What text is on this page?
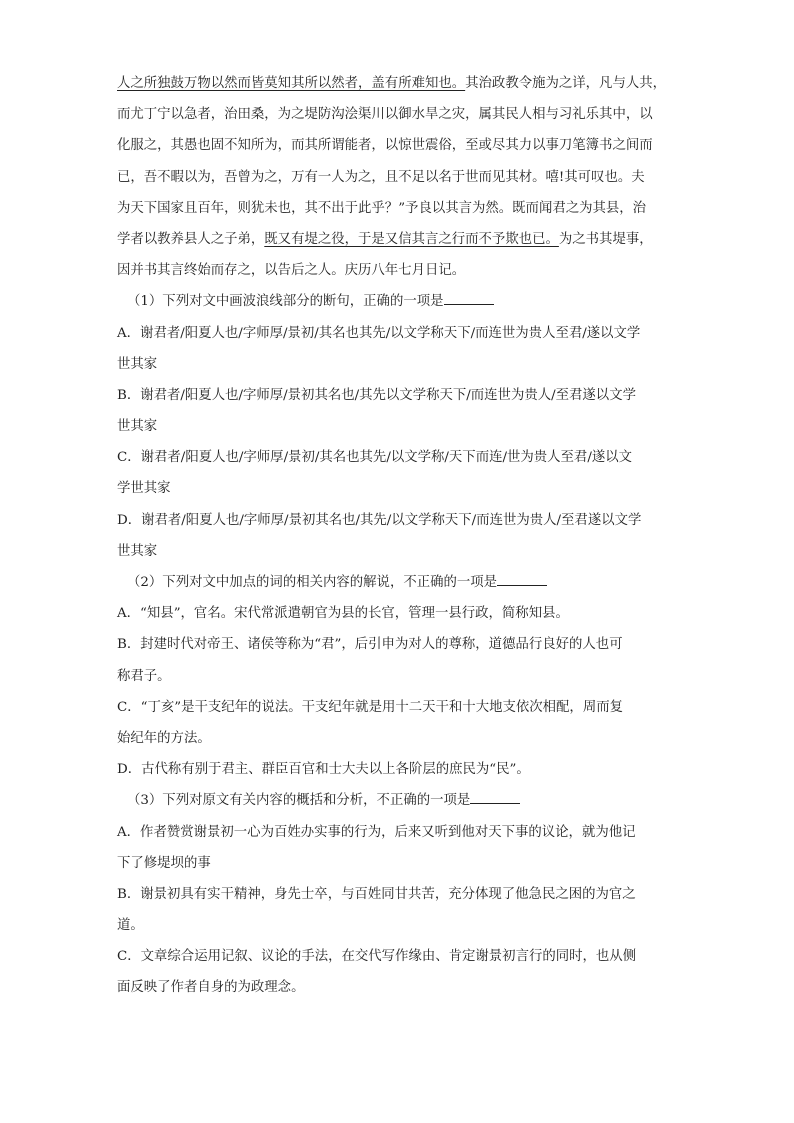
人之所独鼓万物以然而皆莫知其所以然者，盖有所难知也。其治政教令施为之详，凡与人共，
而尤丁宁以急者，治田桑，为之堤防沟浍渠川以御水旱之灾，属其民人相与习礼乐其中，以
化服之，其愚也固不知所为，而其所谓能者，以惊世震俗，至或尽其力以事刀笔簿书之间而
已，吾不暇以为，吾曾为之，万有一人为之，且不足以名于世而见其材。嘻!其可叹也。夫
为天下国家且百年，则犹未也，其不出于此乎？”予良以其言为然。既而闻君之为其县，治
学者以教养县人之子弟，既又有堤之役，于是又信其言之行而不予欺也已。为之书其堤事，
因并书其言终始而存之，以告后之人。庆历八年七月日记。
（1）下列对文中画波浪线部分的断句，正确的一项是
A．谢君者/阳夏人也/字师厚/景初/其名也其先/以文学称天下/而连世为贵人至君/遂以文学
世其家
B．谢君者/阳夏人也/字师厚/景初其名也/其先以文学称天下/而连世为贵人/至君遂以文学
世其家
C．谢君者/阳夏人也/字师厚/景初/其名也其先/以文学称/天下而连/世为贵人至君/遂以文
学世其家
D．谢君者/阳夏人也/字师厚/景初其名也/其先/以文学称天下/而连世为贵人/至君遂以文学
世其家
（2）下列对文中加点的词的相关内容的解说，不正确的一项是
A．“知县”，官名。宋代常派遣朝官为县的长官，管理一县行政，简称知县。
B．封建时代对帝王、诸侯等称为“君”，后引申为对人的尊称，道德品行良好的人也可
称君子。
C．“丁亥”是干支纪年的说法。干支纪年就是用十二天干和十大地支依次相配，周而复
始纪年的方法。
D．古代称有别于君主、群臣百官和士大夫以上各阶层的庶民为“民”。
（3）下列对原文有关内容的概括和分析，不正确的一项是
A．作者赞赏谢景初一心为百姓办实事的行为，后来又听到他对天下事的议论，就为他记
下了修堤坝的事
B．谢景初具有实干精神，身先士卒，与百姓同甘共苦，充分体现了他急民之困的为官之
道。
C．文章综合运用记叙、议论的手法，在交代写作缘由、肯定谢景初言行的同时，也从侧
面反映了作者自身的为政理念。
